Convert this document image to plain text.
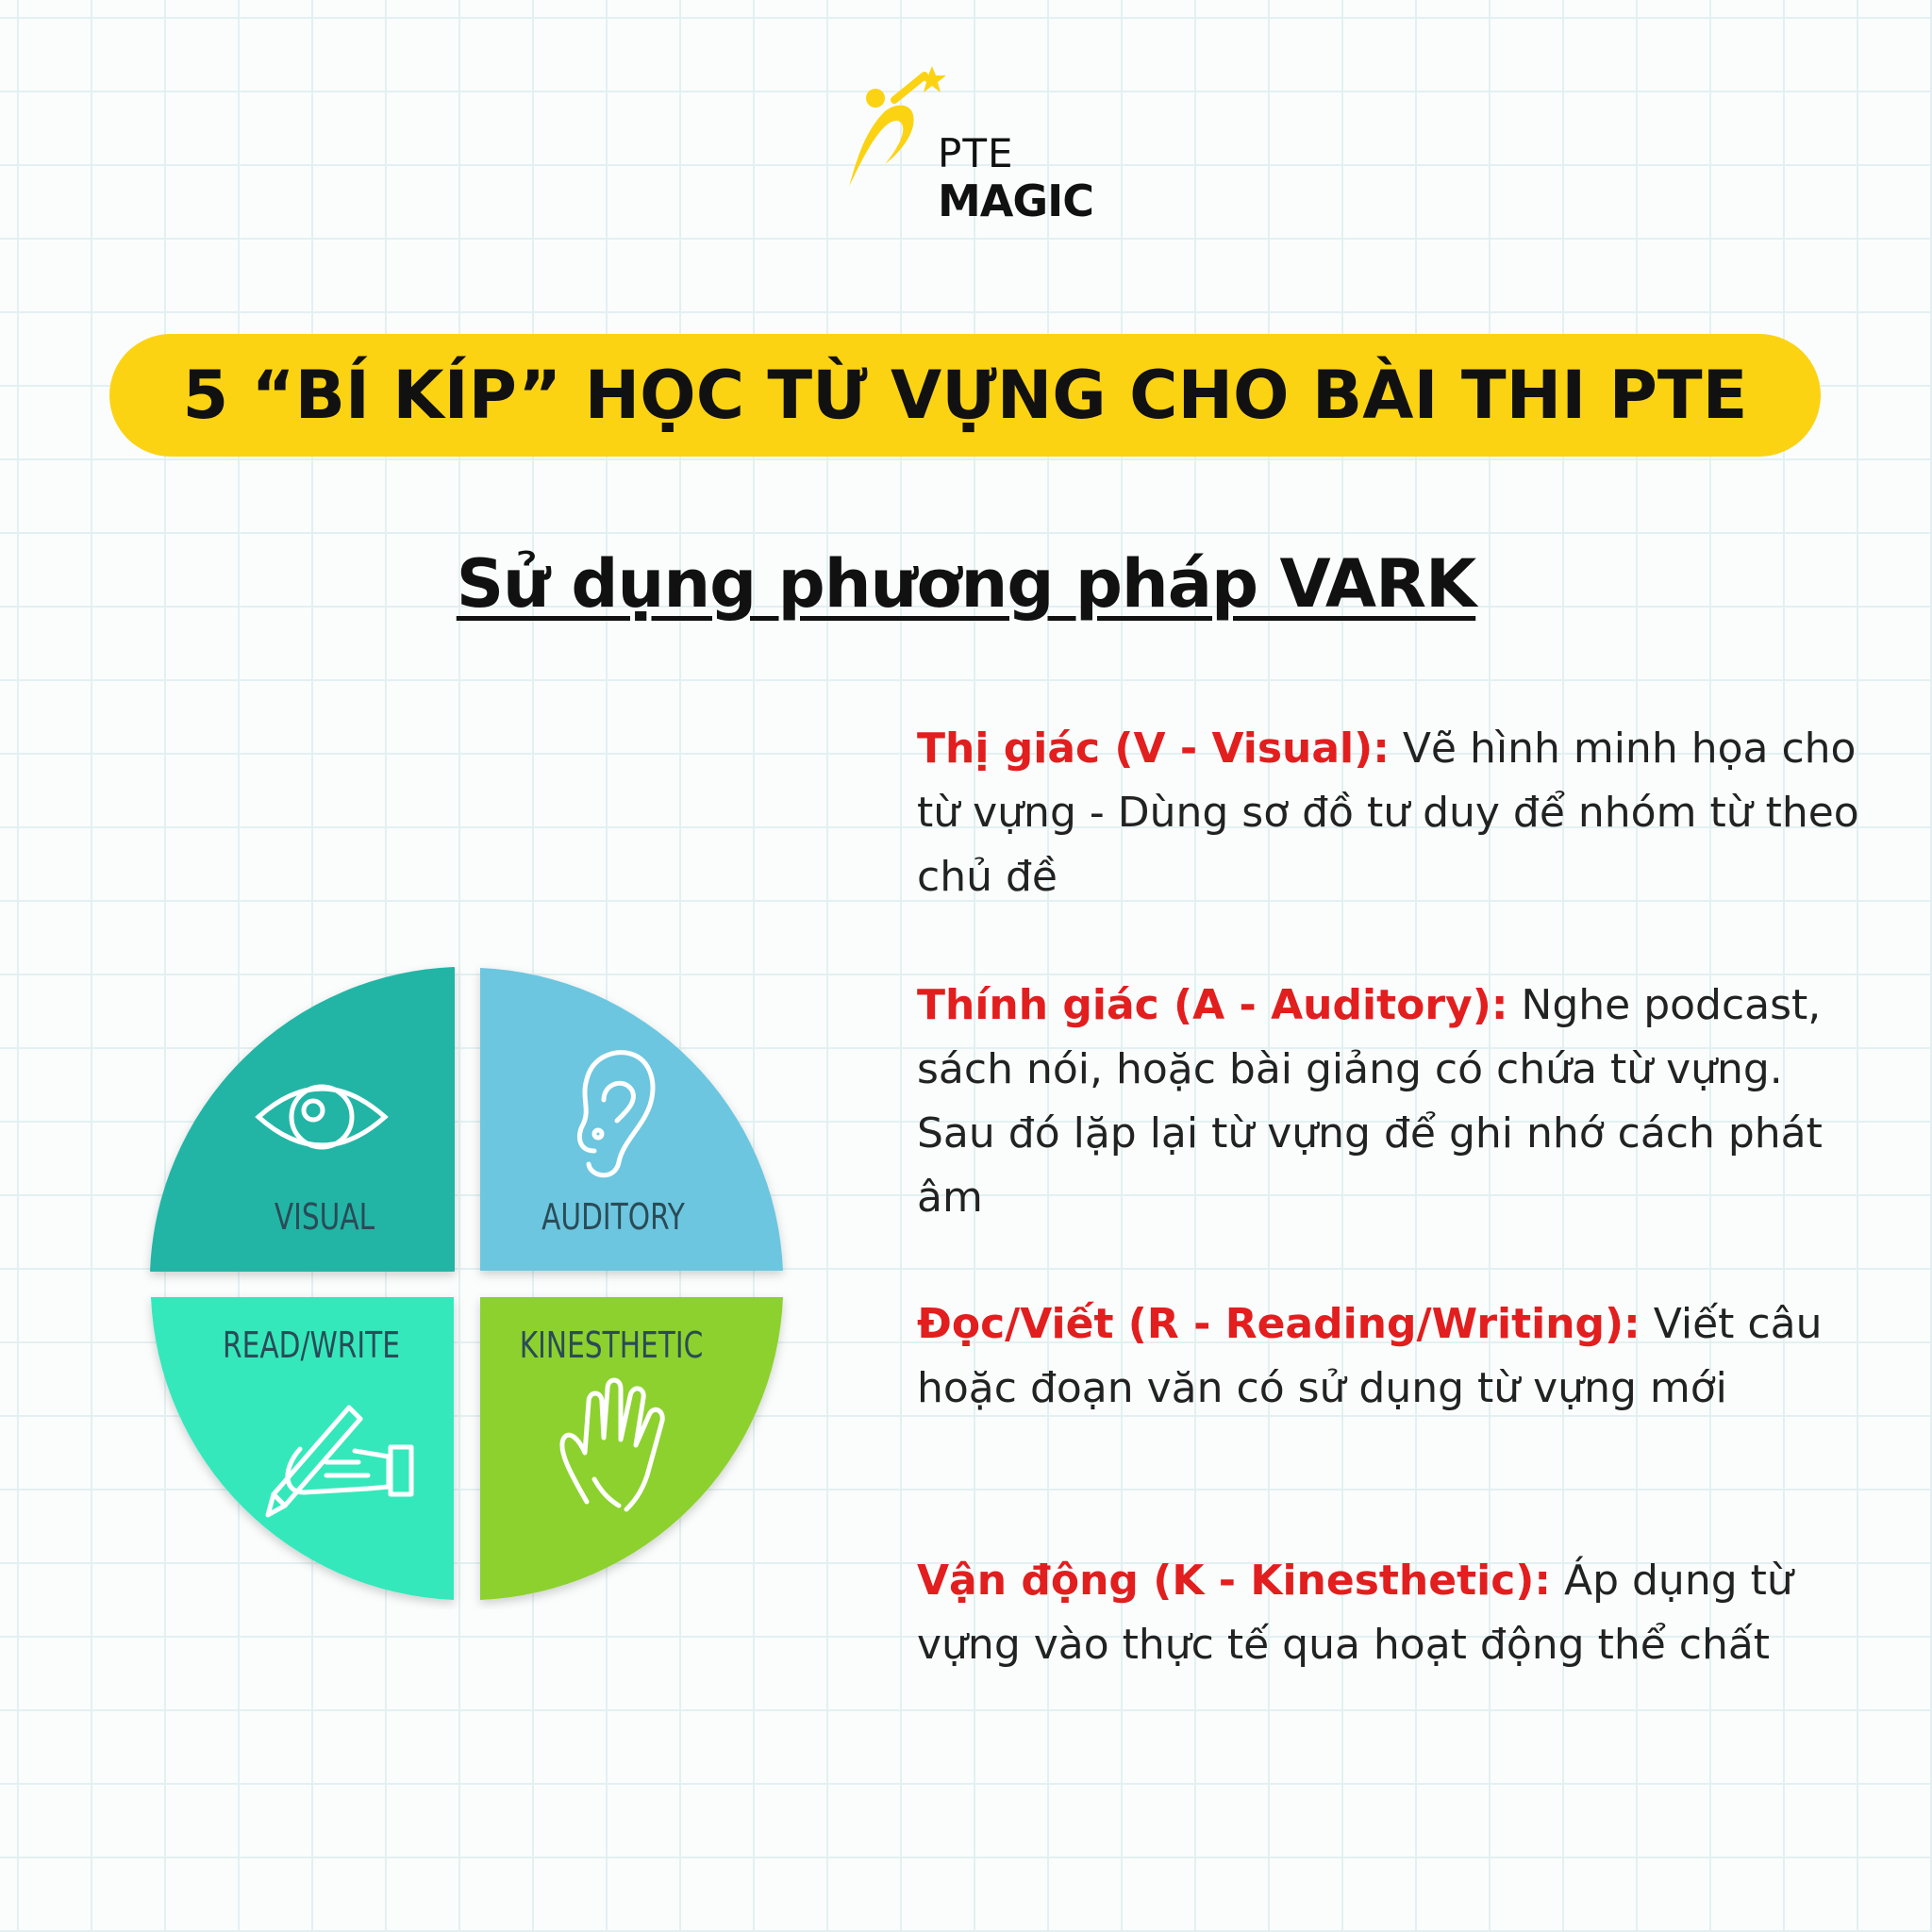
PTE
MAGIC
5 “BÍ KÍP” HỌC TỪ VỰNG CHO BÀI THI PTE
Sử dụng phương pháp VARK
VISUAL	AUDITORY
READ/WRITE	KINESTHETIC
Thị giác (V - Visual): Vẽ hình minh họa cho từ vựng - Dùng sơ đồ tư duy để nhóm từ theo chủ đề
Thính giác (A - Auditory): Nghe podcast, sách nói, hoặc bài giảng có chứa từ vựng. Sau đó lặp lại từ vựng để ghi nhớ cách phát âm
Đọc/Viết (R - Reading/Writing): Viết câu hoặc đoạn văn có sử dụng từ vựng mới
Vận động (K - Kinesthetic): Áp dụng từ vựng vào thực tế qua hoạt động thể chất
